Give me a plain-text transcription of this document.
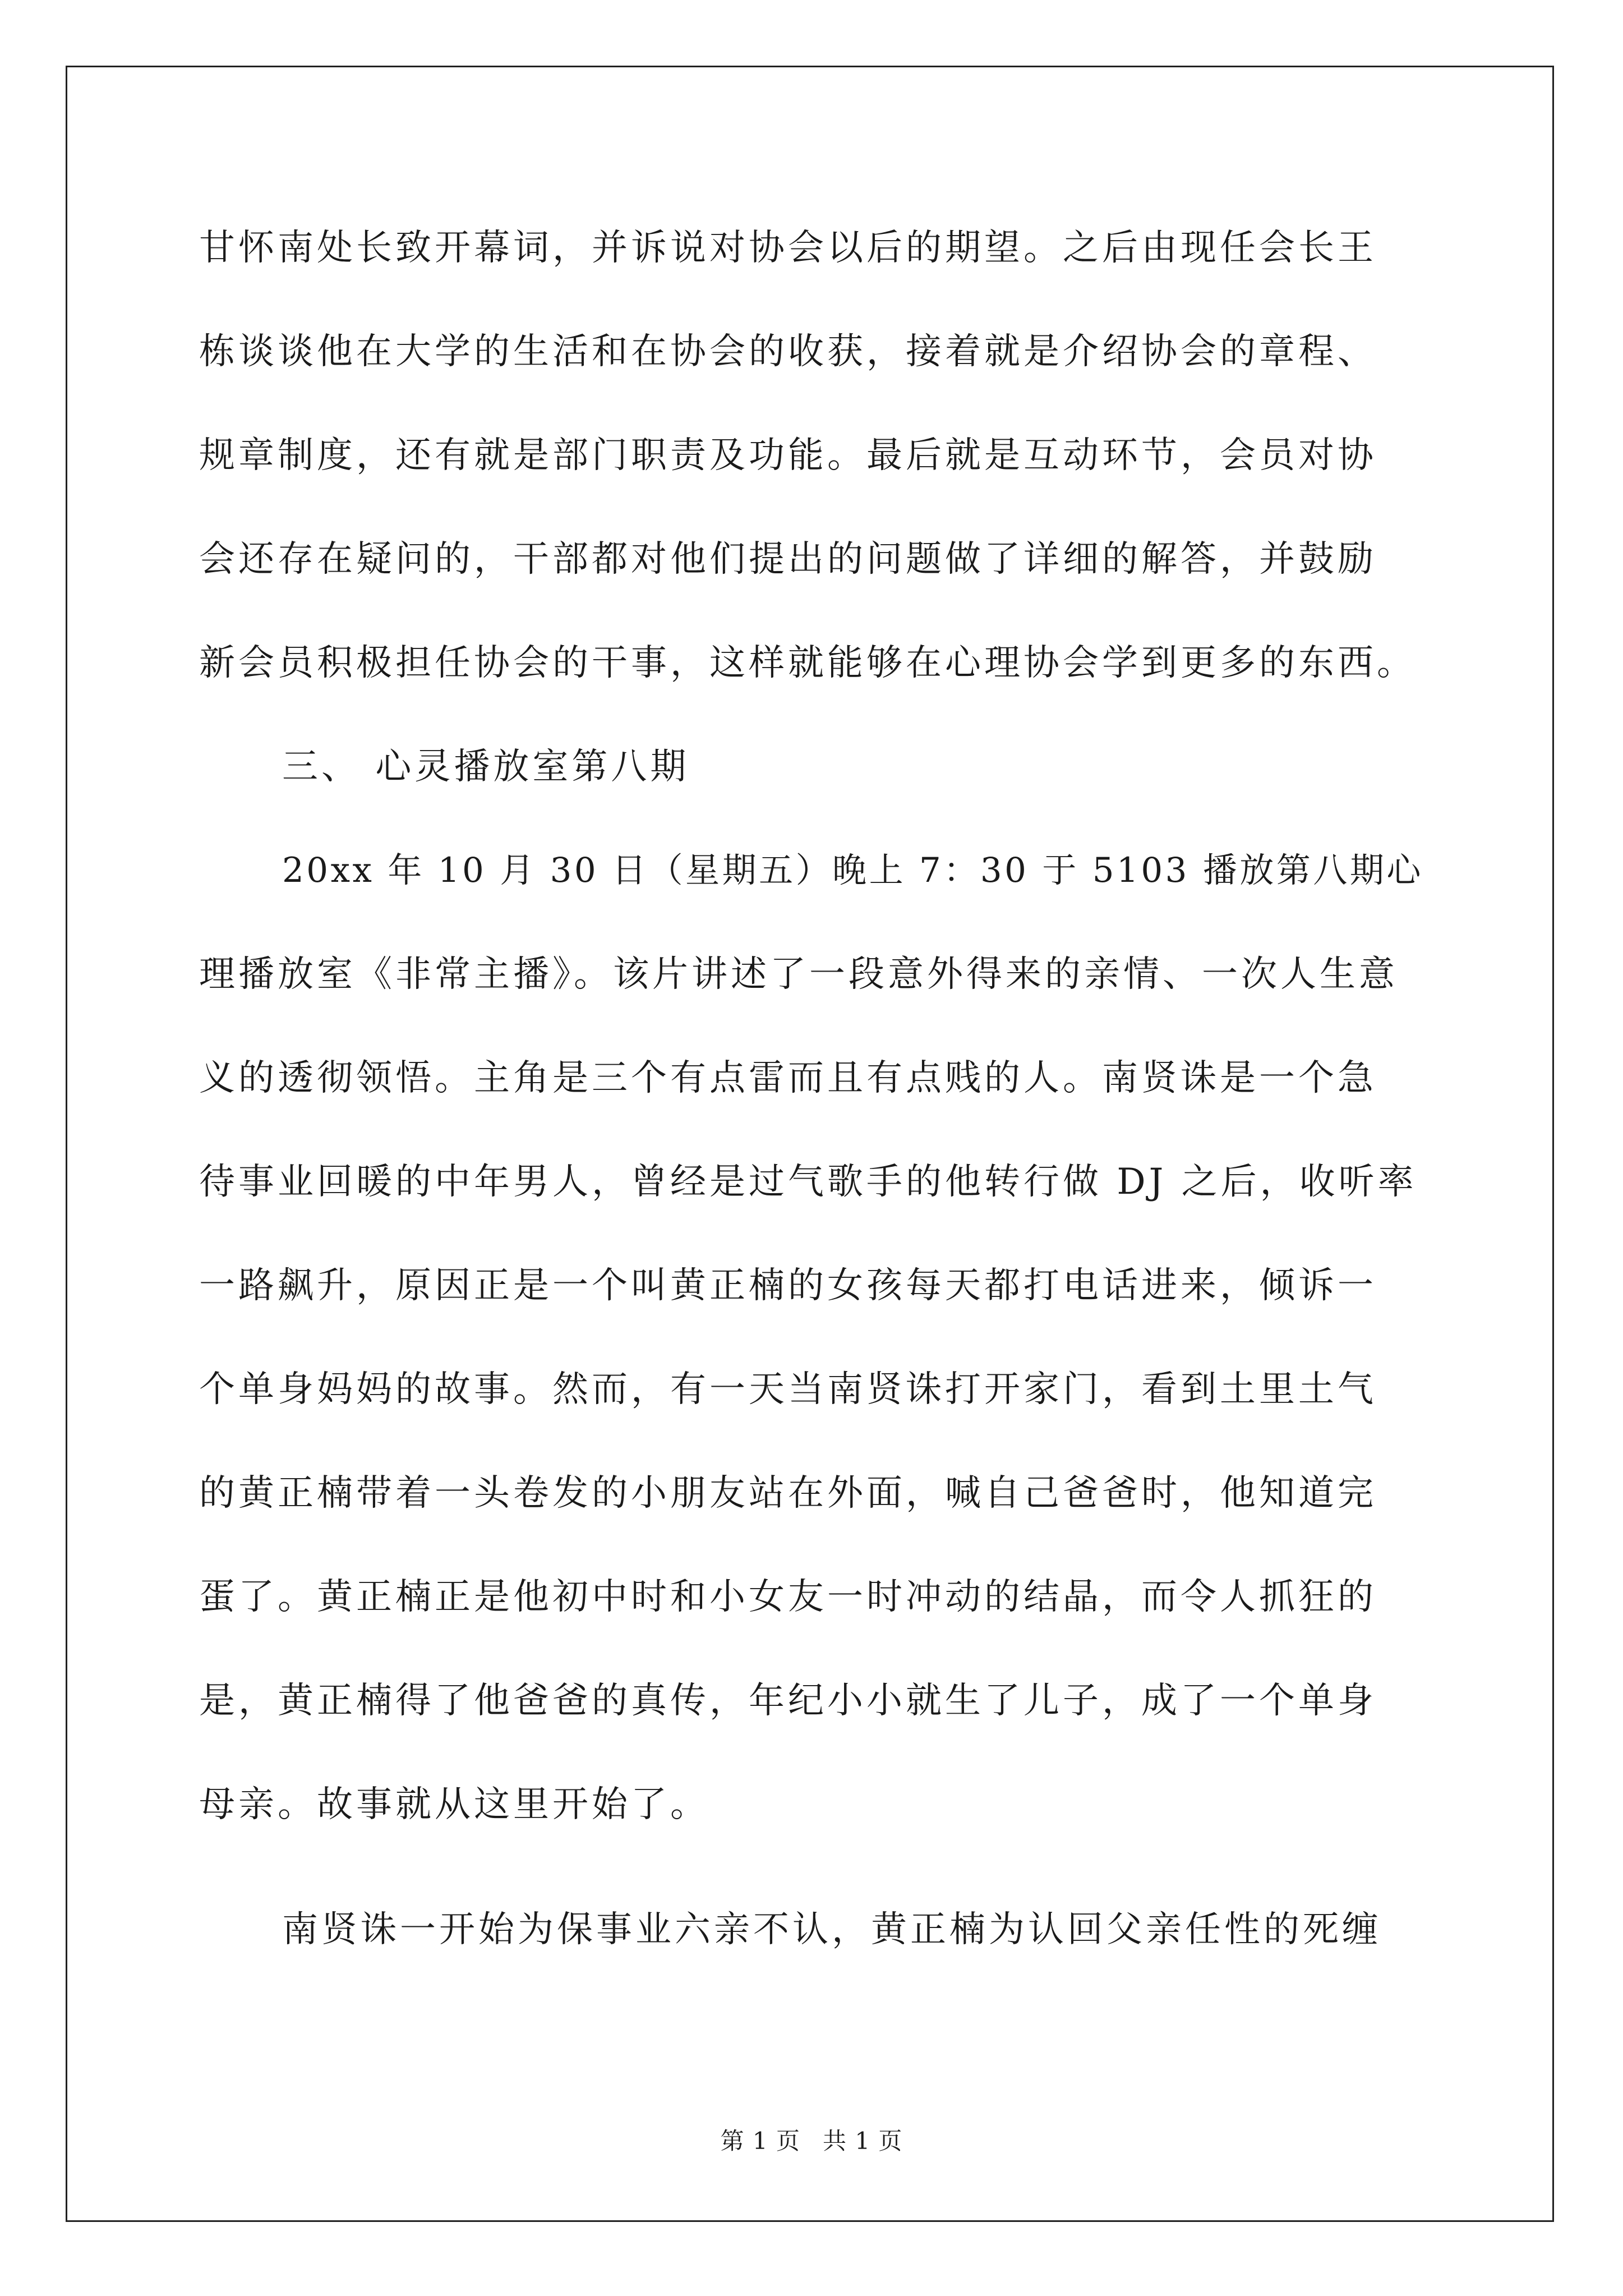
甘怀南处长致开幕词，并诉说对协会以后的期望。之后由现任会长王
栋谈谈他在大学的生活和在协会的收获，接着就是介绍协会的章程、
规章制度，还有就是部门职责及功能。最后就是互动环节，会员对协
会还存在疑问的，干部都对他们提出的问题做了详细的解答，并鼓励
新会员积极担任协会的干事，这样就能够在心理协会学到更多的东西。
三、 心灵播放室第八期
20xx 年 10 月 30 日（星期五）晚上 7：30 于 5103 播放第八期心
理播放室《非常主播》。该片讲述了一段意外得来的亲情、一次人生意
义的透彻领悟。主角是三个有点雷而且有点贱的人。南贤诛是一个急
待事业回暖的中年男人，曾经是过气歌手的他转行做 DJ 之后，收听率
一路飙升，原因正是一个叫黄正楠的女孩每天都打电话进来，倾诉一
个单身妈妈的故事。然而，有一天当南贤诛打开家门，看到土里土气
的黄正楠带着一头卷发的小朋友站在外面，喊自己爸爸时，他知道完
蛋了。黄正楠正是他初中时和小女友一时冲动的结晶，而令人抓狂的
是，黄正楠得了他爸爸的真传，年纪小小就生了儿子，成了一个单身
母亲。故事就从这里开始了。
南贤诛一开始为保事业六亲不认，黄正楠为认回父亲任性的死缠
第 1 页 共 1 页
